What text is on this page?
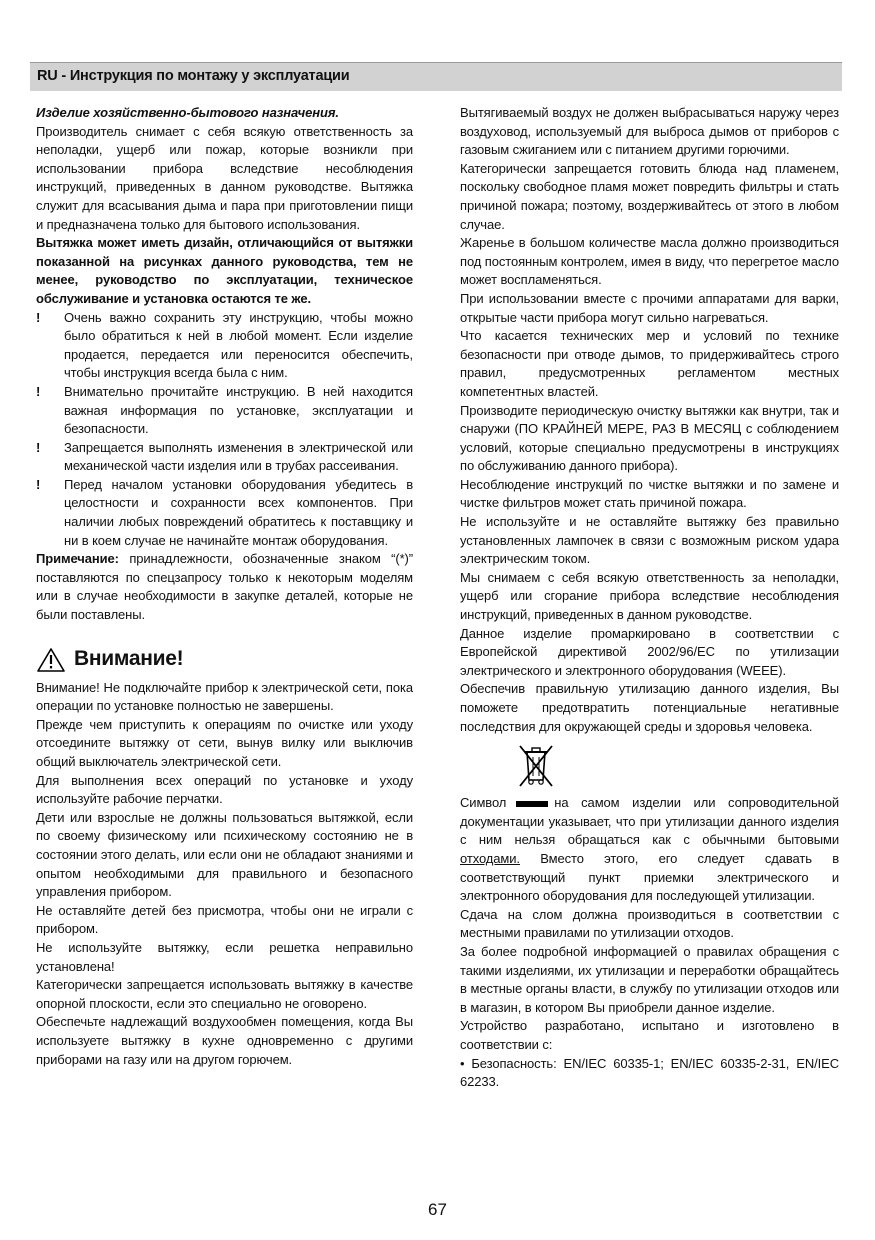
RU - Инструкция по монтажу у эксплуатации

Изделие хозяйственно-бытового назначения.

Производитель снимает с себя всякую ответственность за неполадки, ущерб или пожар, которые возникли при использовании прибора вследствие несоблюдения инструкций, приведенных в данном руководстве. Вытяжка служит для всасывания дыма и пара при приготовлении пищи и предназначена только для бытового использования.

Вытяжка может иметь дизайн, отличающийся от вытяжки показанной на рисунках данного руководства, тем не менее, руководство по эксплуатации, техническое обслуживание и установка остаются те же.

! Очень важно сохранить эту инструкцию, чтобы можно было обратиться к ней в любой момент. Если изделие продается, передается или переносится обеспечить, чтобы инструкция всегда была с ним.

! Внимательно прочитайте инструкцию. В ней находится важная информация по установке, эксплуатации и безопасности.

! Запрещается выполнять изменения в электрической или механической части изделия или в трубах рассеивания.

! Перед началом установки оборудования убедитесь в целостности и сохранности всех компонентов. При наличии любых повреждений обратитесь к поставщику и ни в коем случае не начинайте монтаж оборудования.

Примечание: принадлежности, обозначенные знаком “(*)” поставляются по спецзапросу только к некоторым моделям или в случае необходимости в закупке деталей, которые не были поставлены.

Внимание!

Внимание! Не подключайте прибор к электрической сети, пока операции по установке полностью не завершены.

Прежде чем приступить к операциям по очистке или уходу отсоедините вытяжку от сети, вынув вилку или выключив общий выключатель электрической сети.

Для выполнения всех операций по установке и уходу используйте рабочие перчатки.

Дети или взрослые не должны пользоваться вытяжкой, если по своему физическому или психическому состоянию не в состоянии этого делать, или если они не обладают знаниями и опытом необходимыми для правильного и безопасного управления прибором.

Не оставляйте детей без присмотра, чтобы они не играли с прибором.

Не используйте вытяжку, если решетка неправильно установлена!

Категорически запрещается использовать вытяжку в качестве опорной плоскости, если это специально не оговорено.

Обеспечьте надлежащий воздухообмен помещения, когда Вы используете вытяжку в кухне одновременно с другими приборами на газу или на другом горючем.

Вытягиваемый воздух не должен выбрасываться наружу через воздуховод, используемый для выброса дымов от приборов с газовым сжиганием или с питанием другими горючими.

Категорически запрещается готовить блюда над пламенем, поскольку свободное пламя может повредить фильтры и стать причиной пожара; поэтому, воздерживайтесь от этого в любом случае.

Жаренье в большом количестве масла должно производиться под постоянным контролем, имея в виду, что перегретое масло может воспламеняться.

При использовании вместе с прочими аппаратами для варки, открытые части прибора могут сильно нагреваться.

Что касается технических мер и условий по технике безопасности при отводе дымов, то придерживайтесь строго правил, предусмотренных регламентом местных компетентных властей.

Производите периодическую очистку вытяжки как внутри, так и снаружи (ПО КРАЙНЕЙ МЕРЕ, РАЗ В МЕСЯЦ с соблюдением условий, которые специально предусмотрены в инструкциях по обслуживанию данного прибора).

Несоблюдение инструкций по чистке вытяжки и по замене и чистке фильтров может стать причиной пожара.

Не используйте и не оставляйте вытяжку без правильно установленных лампочек в связи с возможным риском удара электрическим током.

Мы снимаем с себя всякую ответственность за неполадки, ущерб или сгорание прибора вследствие несоблюдения инструкций, приведенных в данном руководстве.

Данное изделие промаркировано в соответствии с Европейской директивой 2002/96/EC по утилизации электрического и электронного оборудования (WEEE).

Обеспечив правильную утилизацию данного изделия, Вы поможете предотвратить потенциальные негативные последствия для окружающей среды и здоровья человека.

Символ	на самом изделии или сопроводительной документации указывает, что при утилизации данного изделия с ним нельзя обращаться как с обычными бытовыми отходами. Вместо этого, его следует сдавать в соответствующий пункт приемки электрического и электронного оборудования для последующей утилизации.

Сдача на слом должна производиться в соответствии с местными правилами по утилизации отходов.

За более подробной информацией о правилах обращения с такими изделиями, их утилизации и переработки обращайтесь в местные органы власти, в службу по утилизации отходов или в магазин, в котором Вы приобрели данное изделие.

Устройство разработано, испытано и изготовлено в соответствии с:

• Безопасность: EN/IEC 60335-1; EN/IEC 60335-2-31, EN/IEC 62233.

67
